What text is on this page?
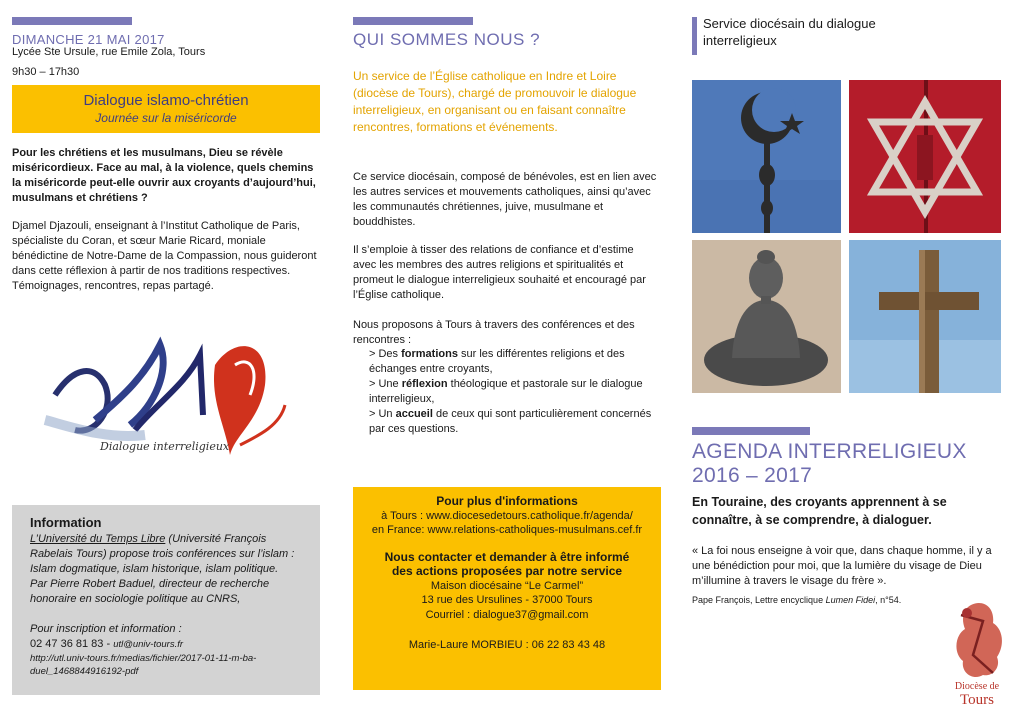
DIMANCHE 21 MAI 2017
Lycée Ste Ursule, rue Emile Zola, Tours
9h30 – 17h30
Dialogue islamo-chrétien
Journée sur la miséricorde
Pour les chrétiens et les musulmans, Dieu se révèle miséricordieux. Face au mal, à la violence, quels chemins la miséricorde peut-elle ouvrir aux croyants d’aujourd’hui, musulmans et chrétiens ?
Djamel Djazouli, enseignant à l’Institut Catholique de Paris, spécialiste du Coran, et sœur Marie Ricard, moniale bénédictine de Notre-Dame de la Compassion, nous guideront dans cette réflexion à partir de nos traditions respectives. Témoignages, rencontres, repas partagé.
Dialogue interreligieux
Information
L’Université du Temps Libre (Université François Rabelais Tours) propose trois conférences sur l’islam :
Islam dogmatique, islam historique, islam politique.
Par Pierre Robert Baduel, directeur de recherche honoraire en sociologie politique au CNRS,
Pour inscription et information :
02 47 36 81 83 - utl@univ-tours.fr
http://utl.univ-tours.fr/medias/fichier/2017-01-11-m-ba-duel_1468844916192-pdf
QUI SOMMES NOUS ?
Un service de l’Église catholique en Indre et Loire (diocèse de Tours), chargé de promouvoir le dialogue interreligieux, en organisant ou en faisant connaître rencontres, formations et événements.
Ce service diocésain, composé de bénévoles, est en lien avec les autres services et mouvements catholiques, ainsi qu’avec les communautés chrétiennes, juive, musulmane et bouddhistes.
Il s’emploie à tisser des relations de confiance et d’estime avec les membres des autres religions et spiritualités et promeut le dialogue interreligieux souhaité et encouragé par l’Église catholique.
Nous proposons à Tours à travers des conférences et des rencontres :
> Des formations sur les différentes religions et des échanges entre croyants,
> Une réflexion théologique et pastorale sur le dialogue interreligieux,
> Un accueil de ceux qui sont particulièrement concernés par ces questions.
Pour plus d'informations
à Tours : www.diocesedetours.catholique.fr/agenda/
en France: www.relations-catholiques-musulmans.cef.fr
Nous contacter et demander à être informé des actions proposées par notre service
Maison diocésaine “Le Carmel”
13 rue des Ursulines - 37000 Tours
Courriel : dialogue37@gmail.com
Marie-Laure MORBIEU : 06 22 83 43 48
Service diocésain du dialogue interreligieux
AGENDA INTERRELIGIEUX
2016 – 2017
En Touraine, des croyants apprennent à se connaître, à se comprendre, à dialoguer.
« La foi nous enseigne à voir que, dans chaque homme, il y a une bénédiction pour moi, que la lumière du visage de Dieu m’illumine à travers le visage du frère ».
Pape François, Lettre encyclique Lumen Fidei, n°54.
Diocèse de
Tours
